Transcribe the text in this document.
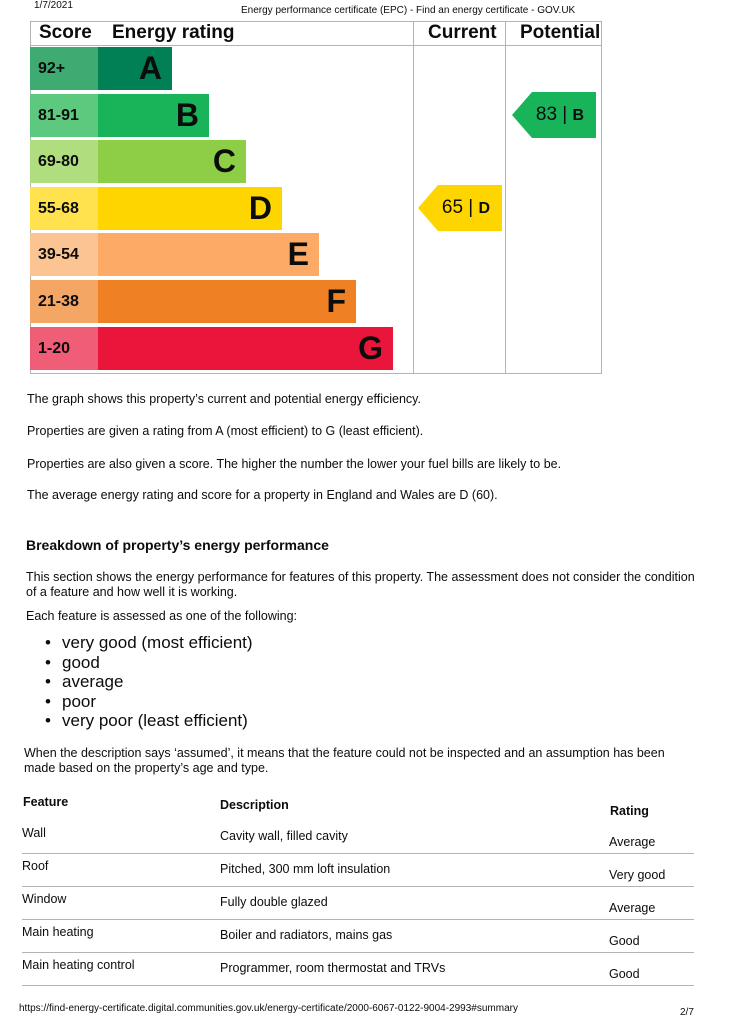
1/7/2021	Energy performance certificate (EPC) - Find an energy certificate - GOV.UK
Score Energy rating	Current Potential
92+	A
81-91	B
69-80	C
55-68	D
39-54	E
21-38	F
1-20	G
65 | D
83 | B
The graph shows this property’s current and potential energy efficiency.
Properties are given a rating from A (most efficient) to G (least efficient).
Properties are also given a score. The higher the number the lower your fuel bills are likely to be.
The average energy rating and score for a property in England and Wales are D (60).
Breakdown of property’s energy performance
This section shows the energy performance for features of this property. The assessment does not consider the condition of a feature and how well it is working.
Each feature is assessed as one of the following:
• very good (most efficient)
• good
• average
• poor
• very poor (least efficient)
When the description says ‘assumed’, it means that the feature could not be inspected and an assumption has been made based on the property’s age and type.
Feature	Description	Rating
Wall	Cavity wall, filled cavity	Average
Roof	Pitched, 300 mm loft insulation	Very good
Window	Fully double glazed	Average
Main heating	Boiler and radiators, mains gas	Good
Main heating control	Programmer, room thermostat and TRVs	Good
https://find-energy-certificate.digital.communities.gov.uk/energy-certificate/2000-6067-0122-9004-2993#summary	2/7
